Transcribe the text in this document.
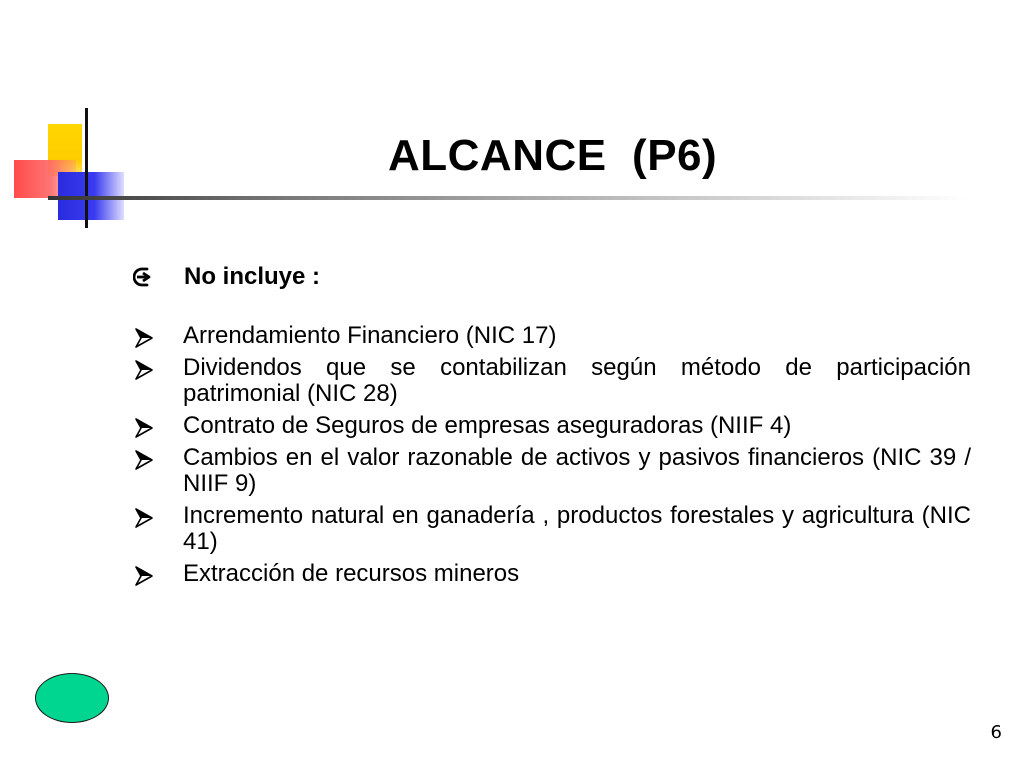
ALCANCE  (P6)
No incluye :
Arrendamiento Financiero (NIC 17)
Dividendos que se contabilizan según método de participación patrimonial (NIC 28)
Contrato de Seguros de empresas aseguradoras (NIIF 4)
Cambios en el valor razonable de activos y pasivos financieros (NIC 39 / NIIF 9)
Incremento natural en ganadería , productos forestales y agricultura (NIC 41)
Extracción de recursos mineros
6
